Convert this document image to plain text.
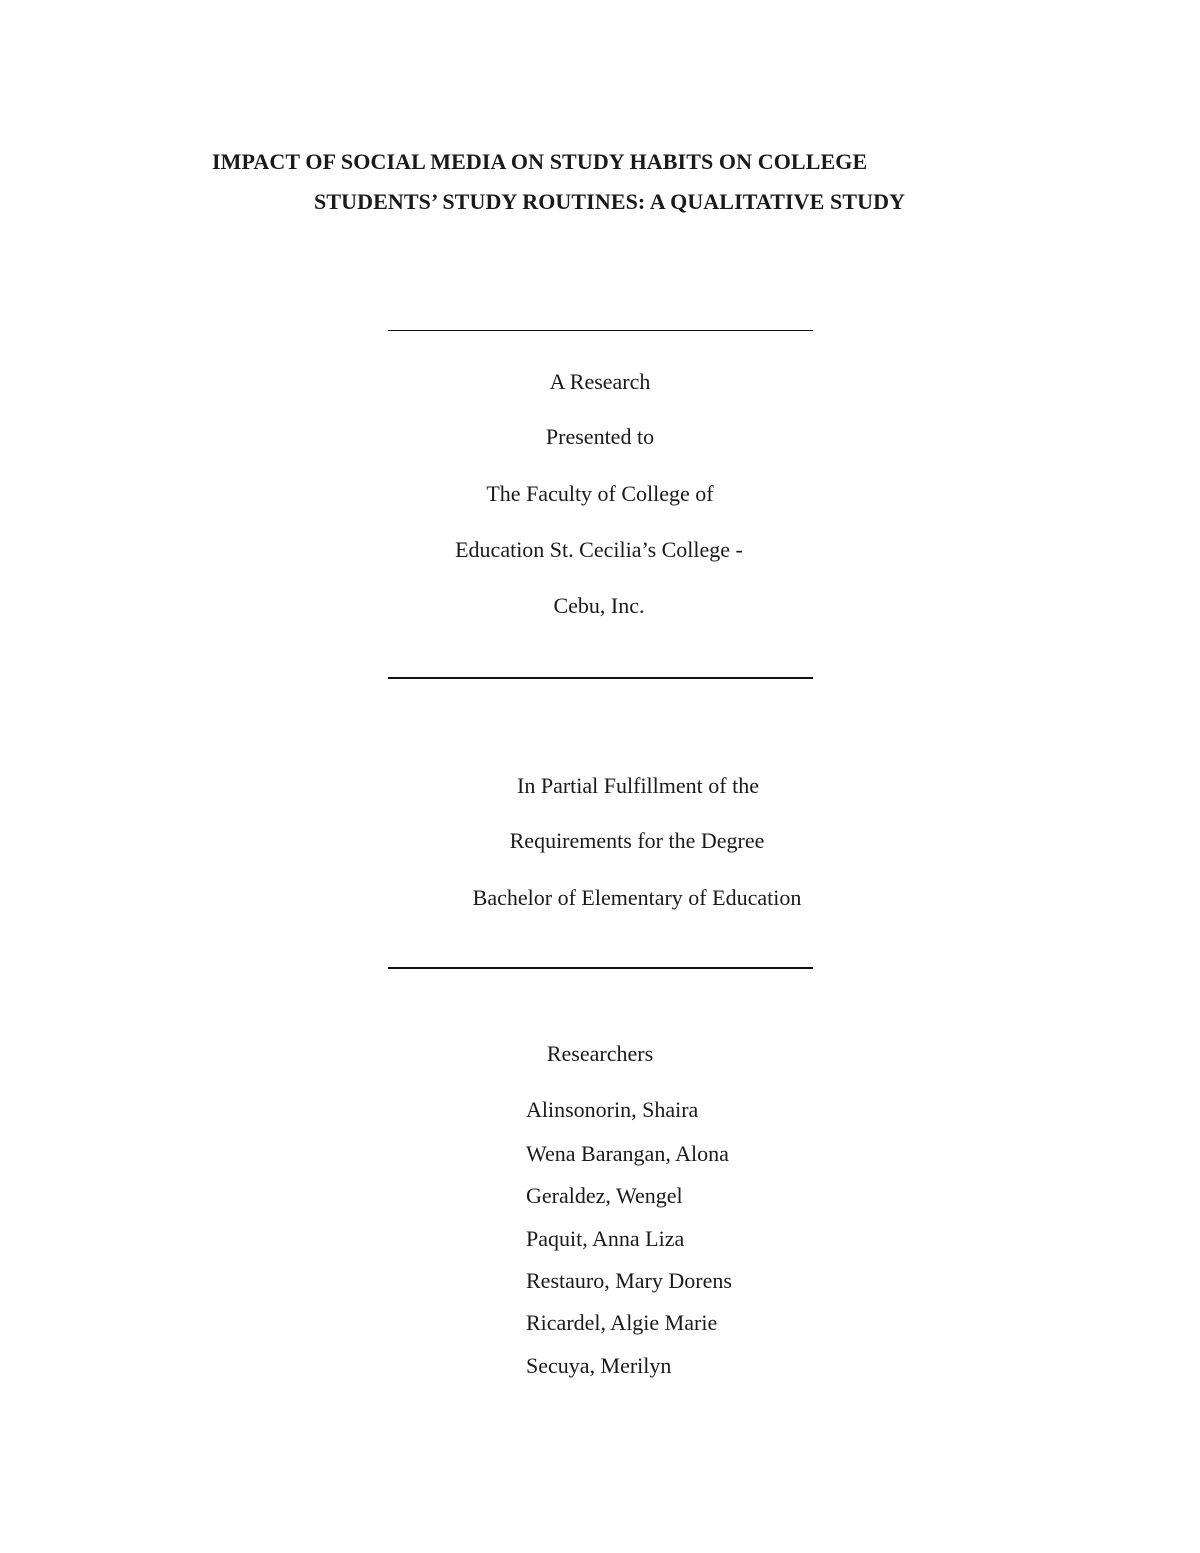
IMPACT OF SOCIAL MEDIA ON STUDY HABITS ON COLLEGE
STUDENTS’ STUDY ROUTINES: A QUALITATIVE STUDY
A Research
Presented to
The Faculty of College of
Education St. Cecilia’s College -
Cebu, Inc.
In Partial Fulfillment of the
Requirements for the Degree
Bachelor of Elementary of Education
Researchers
Alinsonorin, Shaira
Wena Barangan, Alona
Geraldez, Wengel
Paquit, Anna Liza
Restauro, Mary Dorens
Ricardel, Algie Marie
Secuya, Merilyn
